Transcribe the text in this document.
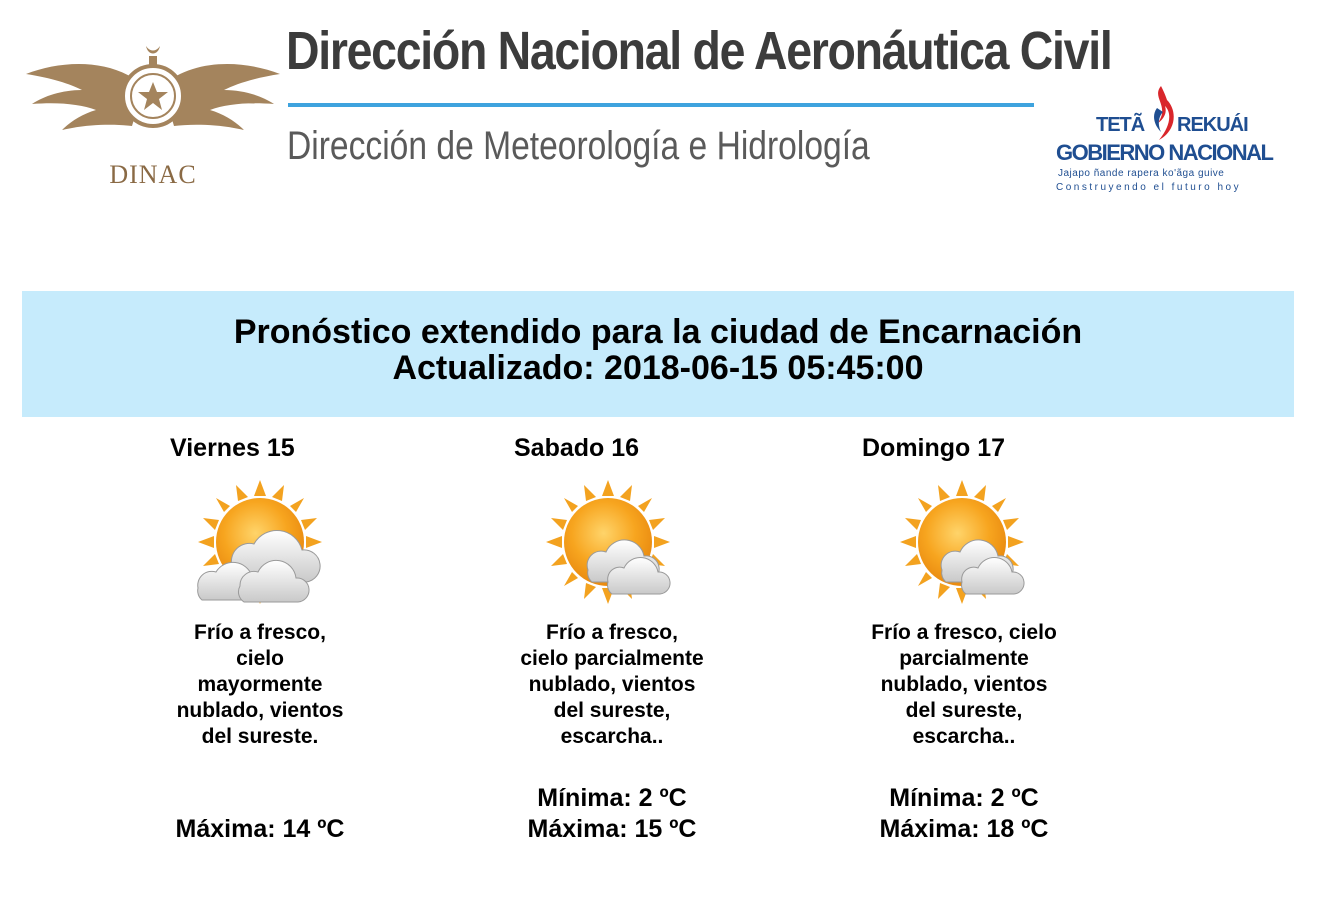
DINAC
Dirección Nacional de Aeronáutica Civil
Dirección de Meteorología e Hidrología	TETÃ REKUÁI
GOBIERNO NACIONAL
Jajapo ñande rapera ko'ãga guive
Construyendo el futuro hoy
Pronóstico extendido para la ciudad de Encarnación
Actualizado: 2018-06-15 05:45:00
Viernes 15
Frío a fresco,
cielo
mayormente
nublado, vientos
del sureste.
Máxima: 14 ºC
Sabado 16
Frío a fresco,
cielo parcialmente
nublado, vientos
del sureste,
escarcha..
Mínima: 2 ºC
Máxima: 15 ºC
Domingo 17
Frío a fresco, cielo
parcialmente
nublado, vientos
del sureste,
escarcha..
Mínima: 2 ºC
Máxima: 18 ºC
